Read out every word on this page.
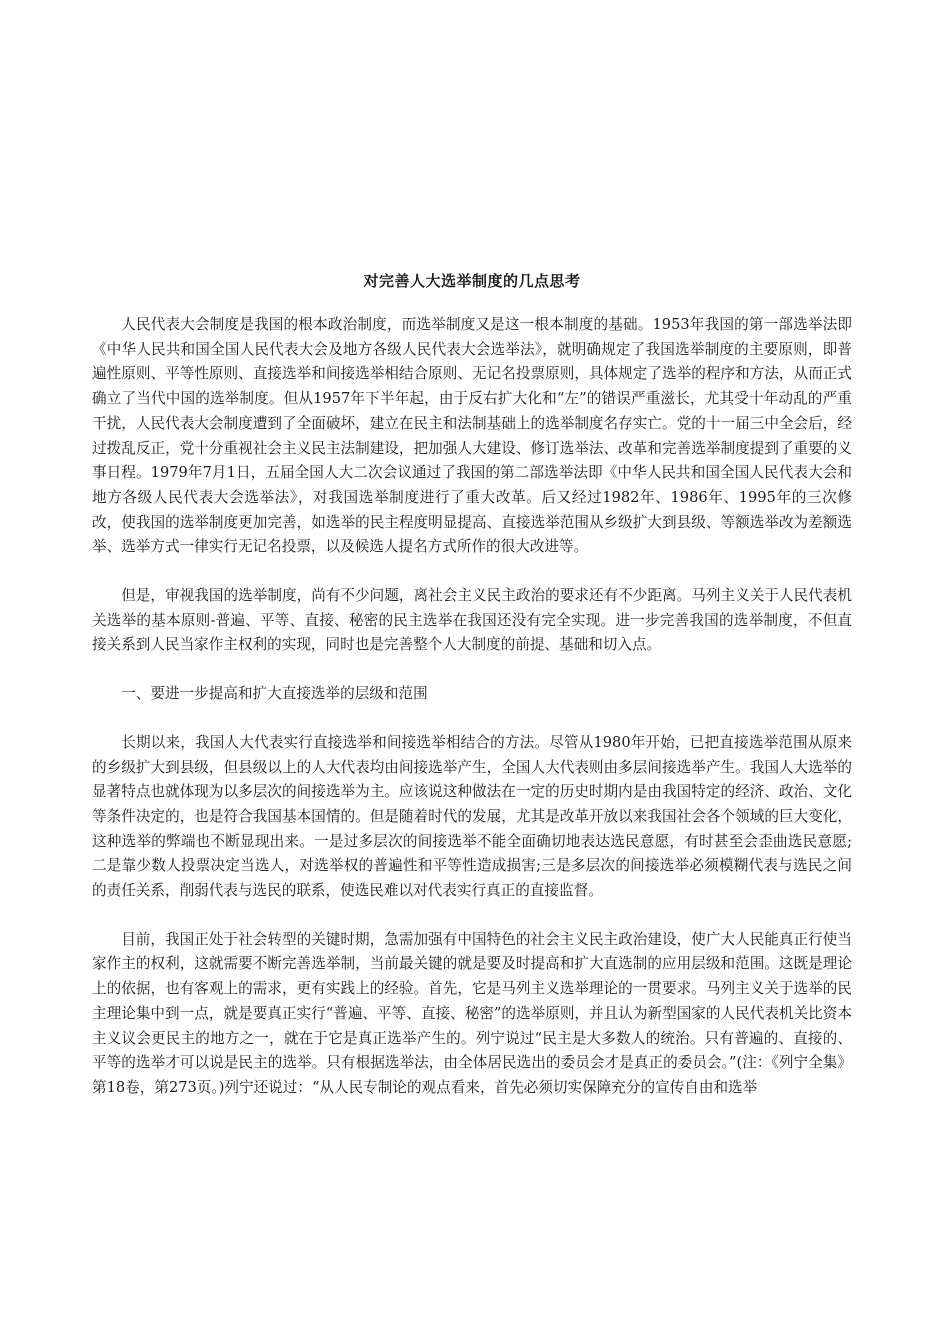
对完善人大选举制度的几点思考

人民代表大会制度是我国的根本政治制度，而选举制度又是这一根本制度的基础。1953年我国的第一部选举法即《中华人民共和国全国人民代表大会及地方各级人民代表大会选举法》，就明确规定了我国选举制度的主要原则，即普遍性原则、平等性原则、直接选举和间接选举相结合原则、无记名投票原则，具体规定了选举的程序和方法，从而正式确立了当代中国的选举制度。但从1957年下半年起，由于反右扩大化和“左”的错误严重滋长，尤其受十年动乱的严重干扰，人民代表大会制度遭到了全面破坏，建立在民主和法制基础上的选举制度名存实亡。党的十一届三中全会后，经过拨乱反正，党十分重视社会主义民主法制建设，把加强人大建设、修订选举法、改革和完善选举制度提到了重要的义事日程。1979年7月1日，五届全国人大二次会议通过了我国的第二部选举法即《中华人民共和国全国人民代表大会和地方各级人民代表大会选举法》，对我国选举制度进行了重大改革。后又经过1982年、1986年、1995年的三次修改，使我国的选举制度更加完善，如选举的民主程度明显提高、直接选举范围从乡级扩大到县级、等额选举改为差额选举、选举方式一律实行无记名投票，以及候选人提名方式所作的很大改进等。

但是，审视我国的选举制度，尚有不少问题，离社会主义民主政治的要求还有不少距离。马列主义关于人民代表机关选举的基本原则-普遍、平等、直接、秘密的民主选举在我国还没有完全实现。进一步完善我国的选举制度，不但直接关系到人民当家作主权利的实现，同时也是完善整个人大制度的前提、基础和切入点。

一、要进一步提高和扩大直接选举的层级和范围

长期以来，我国人大代表实行直接选举和间接选举相结合的方法。尽管从1980年开始，已把直接选举范围从原来的乡级扩大到县级，但县级以上的人大代表均由间接选举产生，全国人大代表则由多层间接选举产生。我国人大选举的显著特点也就体现为以多层次的间接选举为主。应该说这种做法在一定的历史时期内是由我国特定的经济、政治、文化等条件决定的，也是符合我国基本国情的。但是随着时代的发展，尤其是改革开放以来我国社会各个领域的巨大变化，这种选举的弊端也不断显现出来。一是过多层次的间接选举不能全面确切地表达选民意愿，有时甚至会歪曲选民意愿;二是靠少数人投票决定当选人，对选举权的普遍性和平等性造成损害;三是多层次的间接选举必须模糊代表与选民之间的责任关系，削弱代表与选民的联系，使选民难以对代表实行真正的直接监督。

目前，我国正处于社会转型的关键时期，急需加强有中国特色的社会主义民主政治建设，使广大人民能真正行使当家作主的权利，这就需要不断完善选举制，当前最关键的就是要及时提高和扩大直选制的应用层级和范围。这既是理论上的依据，也有客观上的需求，更有实践上的经验。首先，它是马列主义选举理论的一贯要求。马列主义关于选举的民主理论集中到一点，就是要真正实行“普遍、平等、直接、秘密”的选举原则，并且认为新型国家的人民代表机关比资本主义议会更民主的地方之一，就在于它是真正选举产生的。列宁说过“民主是大多数人的统治。只有普遍的、直接的、平等的选举才可以说是民主的选举。只有根据选举法，由全体居民选出的委员会才是真正的委员会。”(注：《列宁全集》第18卷，第273页。)列宁还说过：“从人民专制论的观点看来，首先必须切实保障充分的宣传自由和选举
